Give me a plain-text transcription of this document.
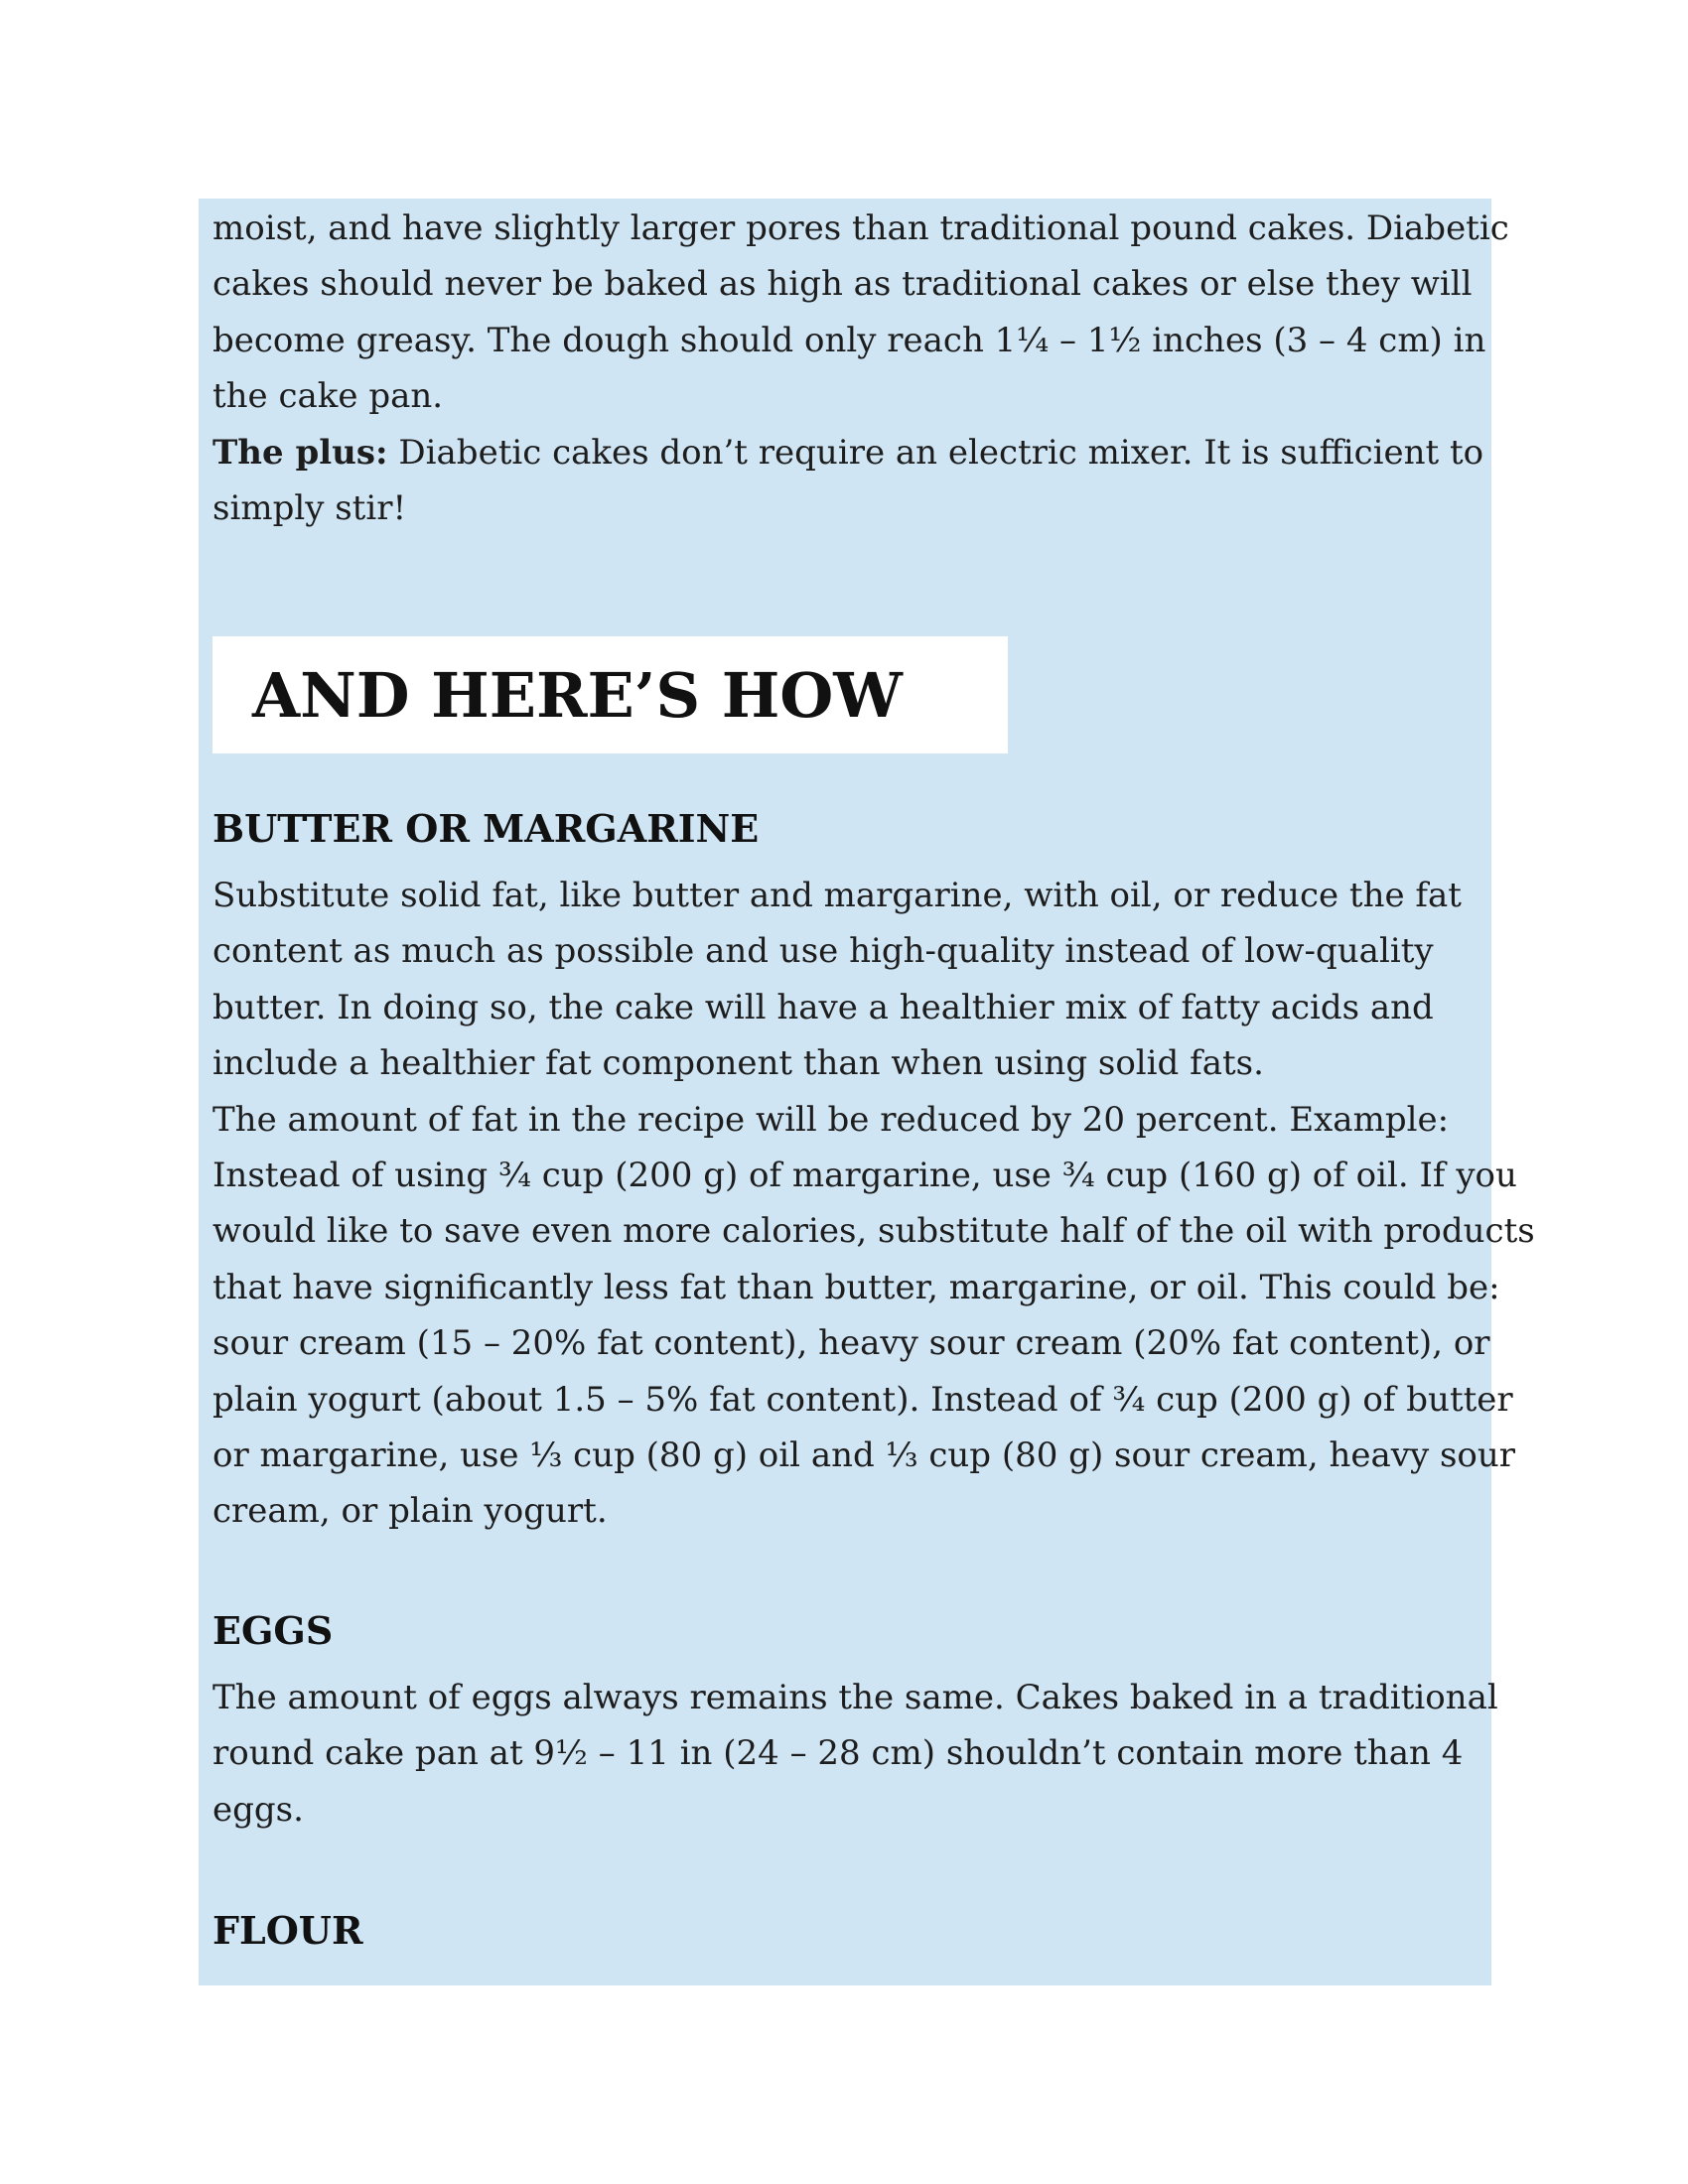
moist, and have slightly larger pores than traditional pound cakes. Diabetic
cakes should never be baked as high as traditional cakes or else they will
become greasy. The dough should only reach 1¼ – 1½ inches (3 – 4 cm) in
the cake pan.
The plus: Diabetic cakes don’t require an electric mixer. It is sufficient to
simply stir!

AND HERE’S HOW
BUTTER OR MARGARINE

Substitute solid fat, like butter and margarine, with oil, or reduce the fat
content as much as possible and use high-quality instead of low-quality
butter. In doing so, the cake will have a healthier mix of fatty acids and
include a healthier fat component than when using solid fats.
The amount of fat in the recipe will be reduced by 20 percent. Example:
Instead of using ¾ cup (200 g) of margarine, use ¾ cup (160 g) of oil. If you
would like to save even more calories, substitute half of the oil with products
that have significantly less fat than butter, margarine, or oil. This could be:
sour cream (15 – 20% fat content), heavy sour cream (20% fat content), or
plain yogurt (about 1.5 – 5% fat content). Instead of ¾ cup (200 g) of butter
or margarine, use ⅓ cup (80 g) oil and ⅓ cup (80 g) sour cream, heavy sour
cream, or plain yogurt.

EGGS

The amount of eggs always remains the same. Cakes baked in a traditional
round cake pan at 9½ – 11 in (24 – 28 cm) shouldn’t contain more than 4
eggs.

FLOUR
